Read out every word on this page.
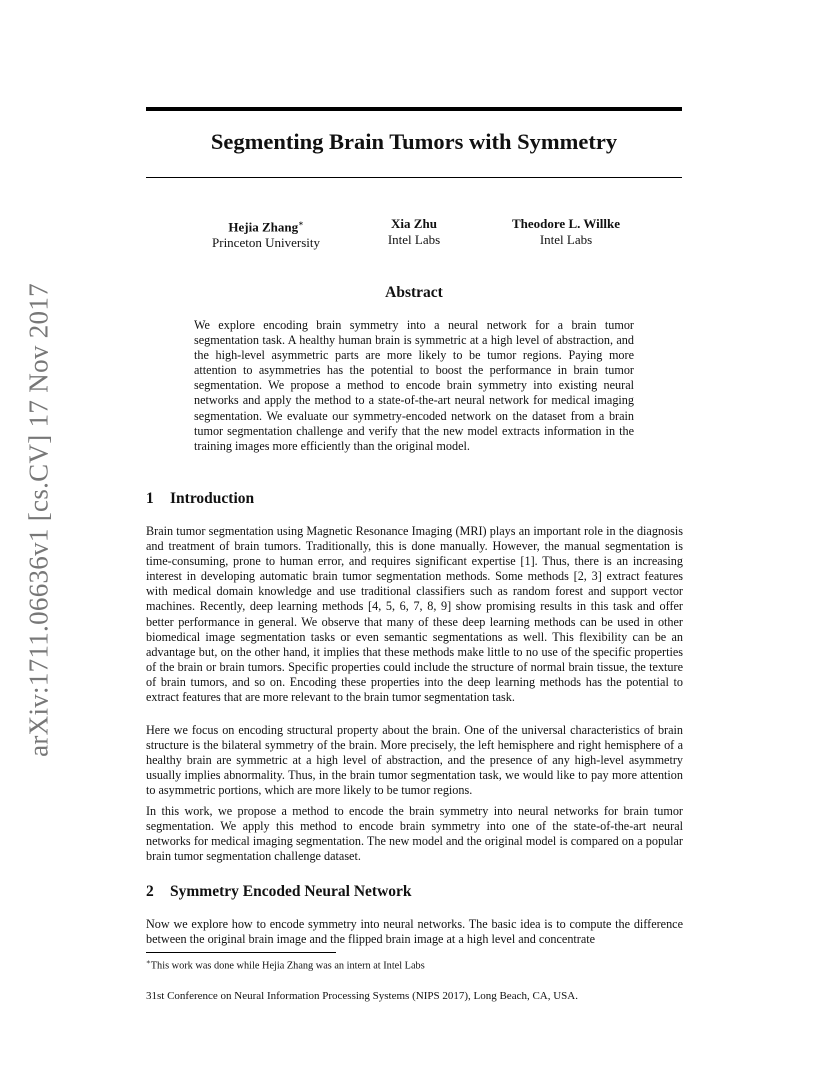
arXiv:1711.06636v1 [cs.CV] 17 Nov 2017
Segmenting Brain Tumors with Symmetry
Hejia Zhang∗
Princeton University
Xia Zhu
Intel Labs
Theodore L. Willke
Intel Labs
Abstract
We explore encoding brain symmetry into a neural network for a brain tumor segmentation task. A healthy human brain is symmetric at a high level of abstraction, and the high-level asymmetric parts are more likely to be tumor regions. Paying more attention to asymmetries has the potential to boost the performance in brain tumor segmentation. We propose a method to encode brain symmetry into existing neural networks and apply the method to a state-of-the-art neural network for medical imaging segmentation. We evaluate our symmetry-encoded network on the dataset from a brain tumor segmentation challenge and verify that the new model extracts information in the training images more efficiently than the original model.
1 Introduction

Brain tumor segmentation using Magnetic Resonance Imaging (MRI) plays an important role in the diagnosis and treatment of brain tumors. Traditionally, this is done manually. However, the manual segmentation is time-consuming, prone to human error, and requires significant expertise [1]. Thus, there is an increasing interest in developing automatic brain tumor segmentation methods. Some methods [2, 3] extract features with medical domain knowledge and use traditional classifiers such as random forest and support vector machines. Recently, deep learning methods [4, 5, 6, 7, 8, 9] show promising results in this task and offer better performance in general. We observe that many of these deep learning methods can be used in other biomedical image segmentation tasks or even semantic segmentations as well. This flexibility can be an advantage but, on the other hand, it implies that these methods make little to no use of the specific properties of the brain or brain tumors. Specific properties could include the structure of normal brain tissue, the texture of brain tumors, and so on. Encoding these properties into the deep learning methods has the potential to extract features that are more relevant to the brain tumor segmentation task.

Here we focus on encoding structural property about the brain. One of the universal characteristics of brain structure is the bilateral symmetry of the brain. More precisely, the left hemisphere and right hemisphere of a healthy brain are symmetric at a high level of abstraction, and the presence of any high-level asymmetry usually implies abnormality. Thus, in the brain tumor segmentation task, we would like to pay more attention to asymmetric portions, which are more likely to be tumor regions.

In this work, we propose a method to encode the brain symmetry into neural networks for brain tumor segmentation. We apply this method to encode brain symmetry into one of the state-of-the-art neural networks for medical imaging segmentation. The new model and the original model is compared on a popular brain tumor segmentation challenge dataset.

2 Symmetry Encoded Neural Network

Now we explore how to encode symmetry into neural networks. The basic idea is to compute the difference between the original brain image and the flipped brain image at a high level and concentrate

∗This work was done while Hejia Zhang was an intern at Intel Labs
31st Conference on Neural Information Processing Systems (NIPS 2017), Long Beach, CA, USA.
